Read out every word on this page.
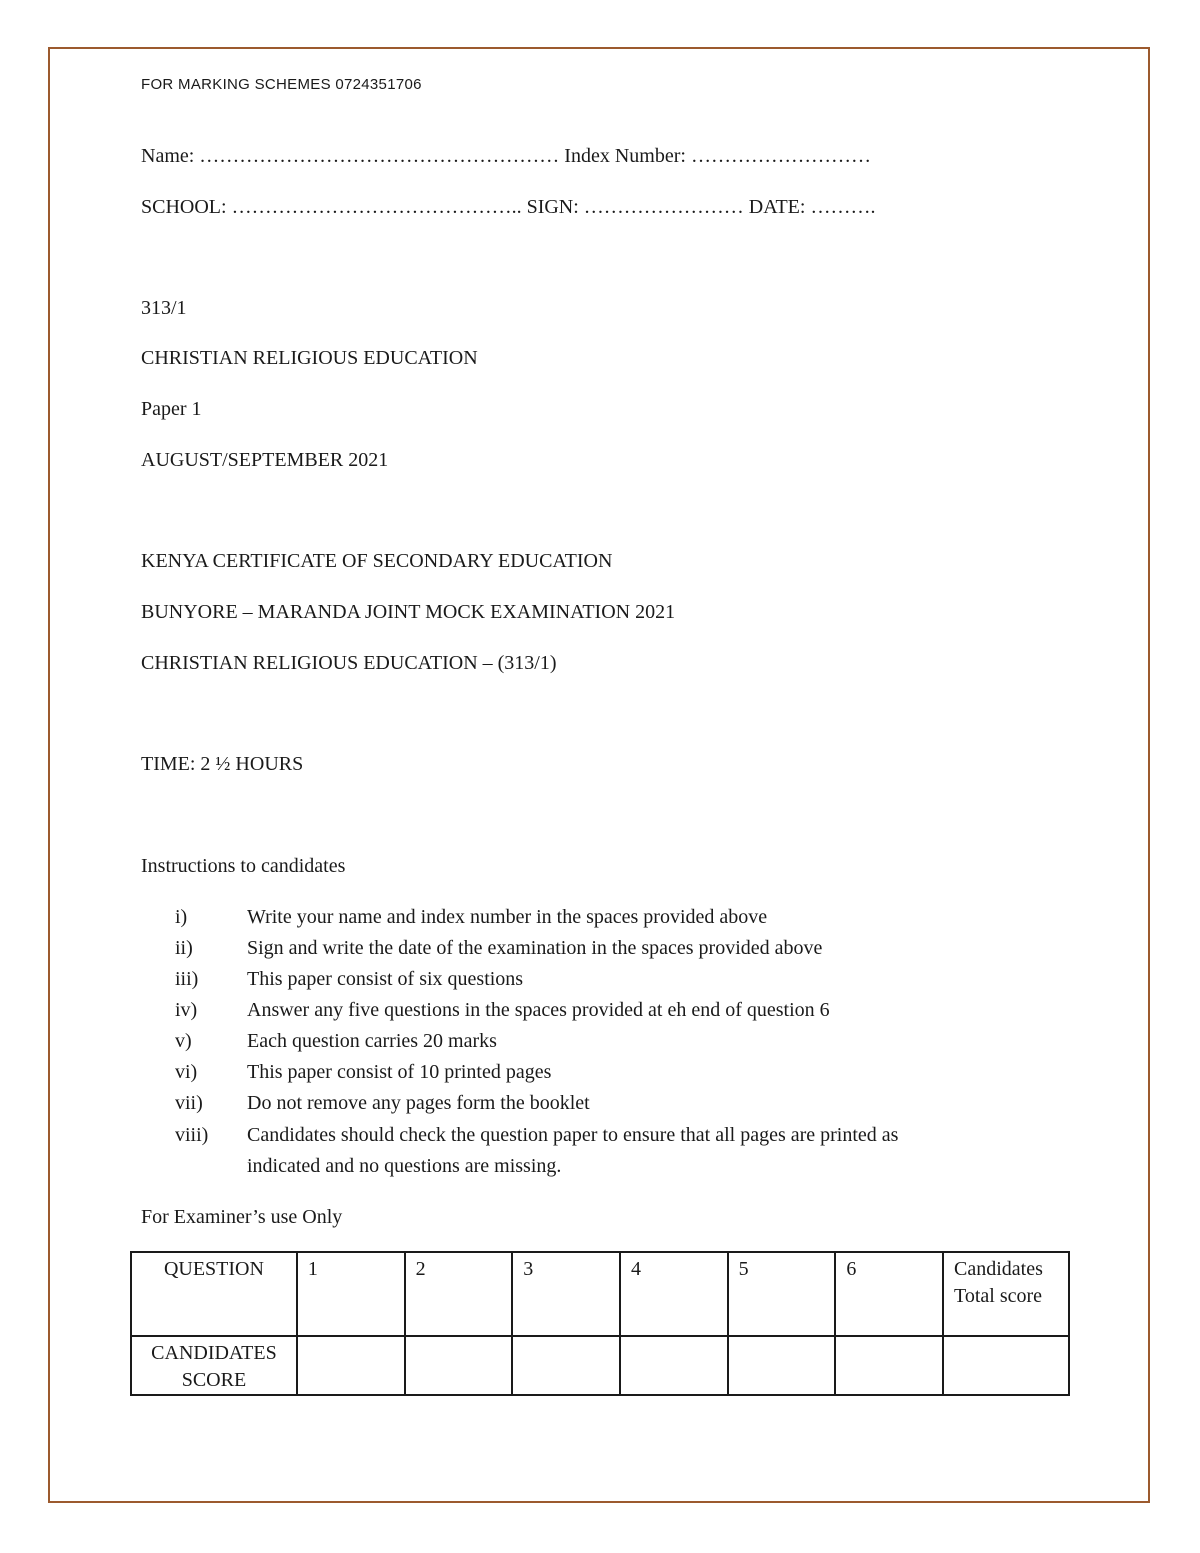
FOR MARKING SCHEMES 0724351706
Name: ……………………………………………… Index Number: ………………………
SCHOOL: …………………………………….. SIGN: …………………… DATE: ……….
313/1
CHRISTIAN RELIGIOUS EDUCATION
Paper 1
AUGUST/SEPTEMBER 2021
KENYA CERTIFICATE OF SECONDARY EDUCATION
BUNYORE – MARANDA JOINT MOCK EXAMINATION 2021
CHRISTIAN RELIGIOUS EDUCATION – (313/1)
TIME: 2 ½ HOURS
Instructions to candidates
i)	Write your name and index number in the spaces provided above
ii)	Sign and write the date of the examination in the spaces provided above
iii) This paper consist of six questions
iv) Answer any five questions in the spaces provided at eh end of question 6
v)	Each question carries 20 marks
vi) This paper consist of 10 printed pages
vii) Do not remove any pages form the booklet
viii) Candidates should check the question paper to ensure that all pages are printed as
indicated and no questions are missing.
For Examiner’s use Only
QUESTION	1	2	3	4	5	6	Candidates Total score
CANDIDATES SCORE							
